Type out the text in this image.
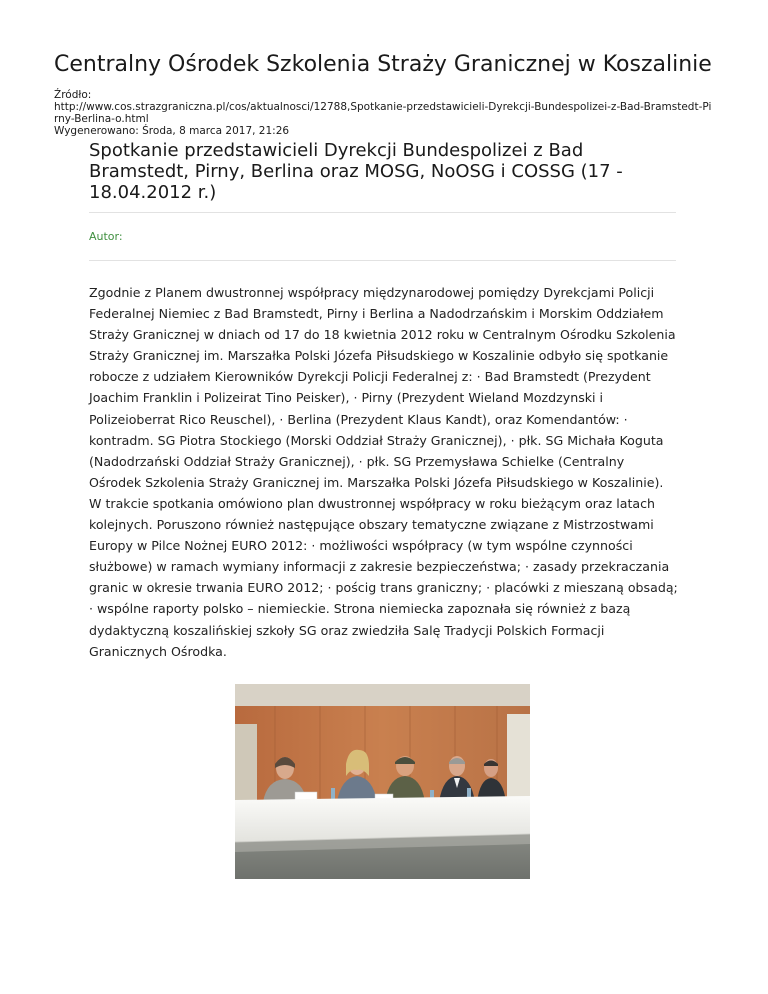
Centralny Ośrodek Szkolenia Straży Granicznej w Koszalinie
Źródło:
http://www.cos.strazgraniczna.pl/cos/aktualnosci/12788,Spotkanie-przedstawicieli-Dyrekcji-Bundespolizei-z-Bad-Bramstedt-Pirny-Berlina-o.html
Wygenerowano: Środa, 8 marca 2017, 21:26
Spotkanie przedstawicieli Dyrekcji Bundespolizei z Bad Bramstedt, Pirny, Berlina oraz MOSG, NoOSG i COSSG (17 - 18.04.2012 r.)
Autor:

Zgodnie z Planem dwustronnej współpracy międzynarodowej pomiędzy Dyrekcjami Policji Federalnej Niemiec z Bad Bramstedt, Pirny i Berlina a Nadodrzańskim i Morskim Oddziałem Straży Granicznej w dniach od 17 do 18 kwietnia 2012 roku w Centralnym Ośrodku Szkolenia Straży Granicznej im. Marszałka Polski Józefa Piłsudskiego w Koszalinie odbyło się spotkanie robocze z udziałem Kierowników Dyrekcji Policji Federalnej z: · Bad Bramstedt (Prezydent Joachim Franklin i Polizeirat Tino Peisker), · Pirny (Prezydent Wieland Mozdzynski i Polizeioberrat Rico Reuschel), · Berlina (Prezydent Klaus Kandt), oraz Komendantów: · kontradm. SG Piotra Stockiego (Morski Oddział Straży Granicznej), · płk. SG Michała Koguta (Nadodrzański Oddział Straży Granicznej), · płk. SG Przemysława Schielke (Centralny Ośrodek Szkolenia Straży Granicznej im. Marszałka Polski Józefa Piłsudskiego w Koszalinie). W trakcie spotkania omówiono plan dwustronnej współpracy w roku bieżącym oraz latach kolejnych. Poruszono również następujące obszary tematyczne związane z Mistrzostwami Europy w Pilce Nożnej EURO 2012: · możliwości współpracy (w tym wspólne czynności służbowe) w ramach wymiany informacji z zakresie bezpieczeństwa; · zasady przekraczania granic w okresie trwania EURO 2012; · pościg trans graniczny; · placówki z mieszaną obsadą; · wspólne raporty polsko – niemieckie. Strona niemiecka zapoznała się również z bazą dydaktyczną koszalińskiej szkoły SG oraz zwiedziła Salę Tradycji Polskich Formacji Granicznych Ośrodka.
